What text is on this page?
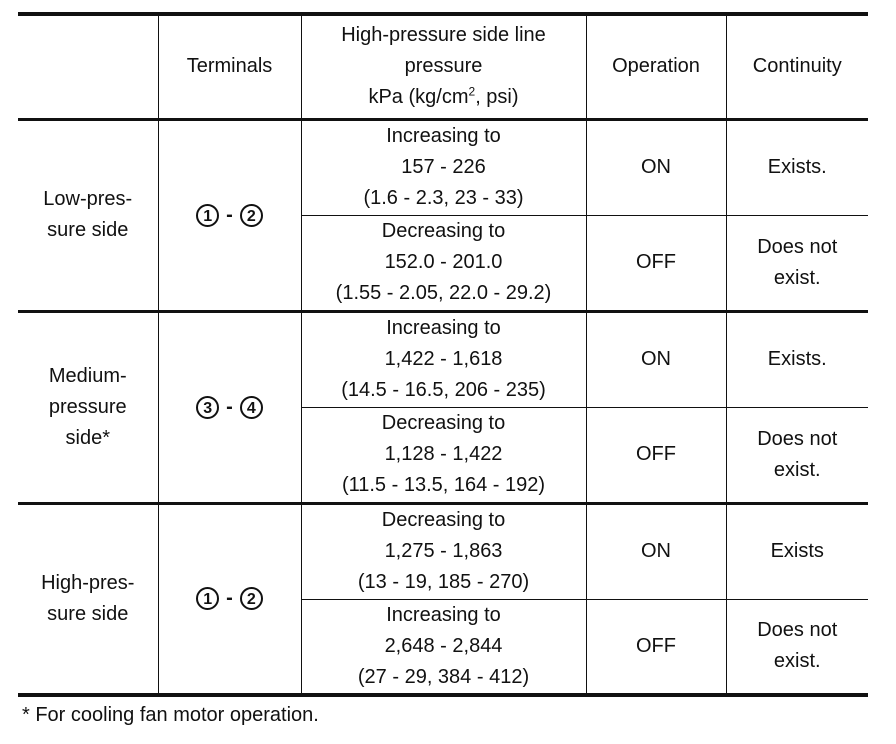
	Terminals	High-pressure side line
pressure
kPa ($kg/cm^2$, psi)	Operation	Continuity

Low-pres-
sure side	1 - 2	Increasing to
157 - 226
(1.6 - 2.3, 23 - 33)	ON	Exists.

		Decreasing to
152.0 - 201.0
(1.55 - 2.05, 22.0 - 29.2)	OFF	Does not
exist.

Medium-
pressure
side*	3 - 4	Increasing to
1,422 - 1,618
(14.5 - 16.5, 206 - 235)	ON	Exists.

		Decreasing to
1,128 - 1,422
(11.5 - 13.5, 164 - 192)	OFF	Does not
exist.

High-pres-
sure side	1 - 2	Decreasing to
1,275 - 1,863
(13 - 19, 185 - 270)	ON	Exists

		Increasing to
2,648 - 2,844
(27 - 29, 384 - 412)	OFF	Does not
exist.
* For cooling fan motor operation.
